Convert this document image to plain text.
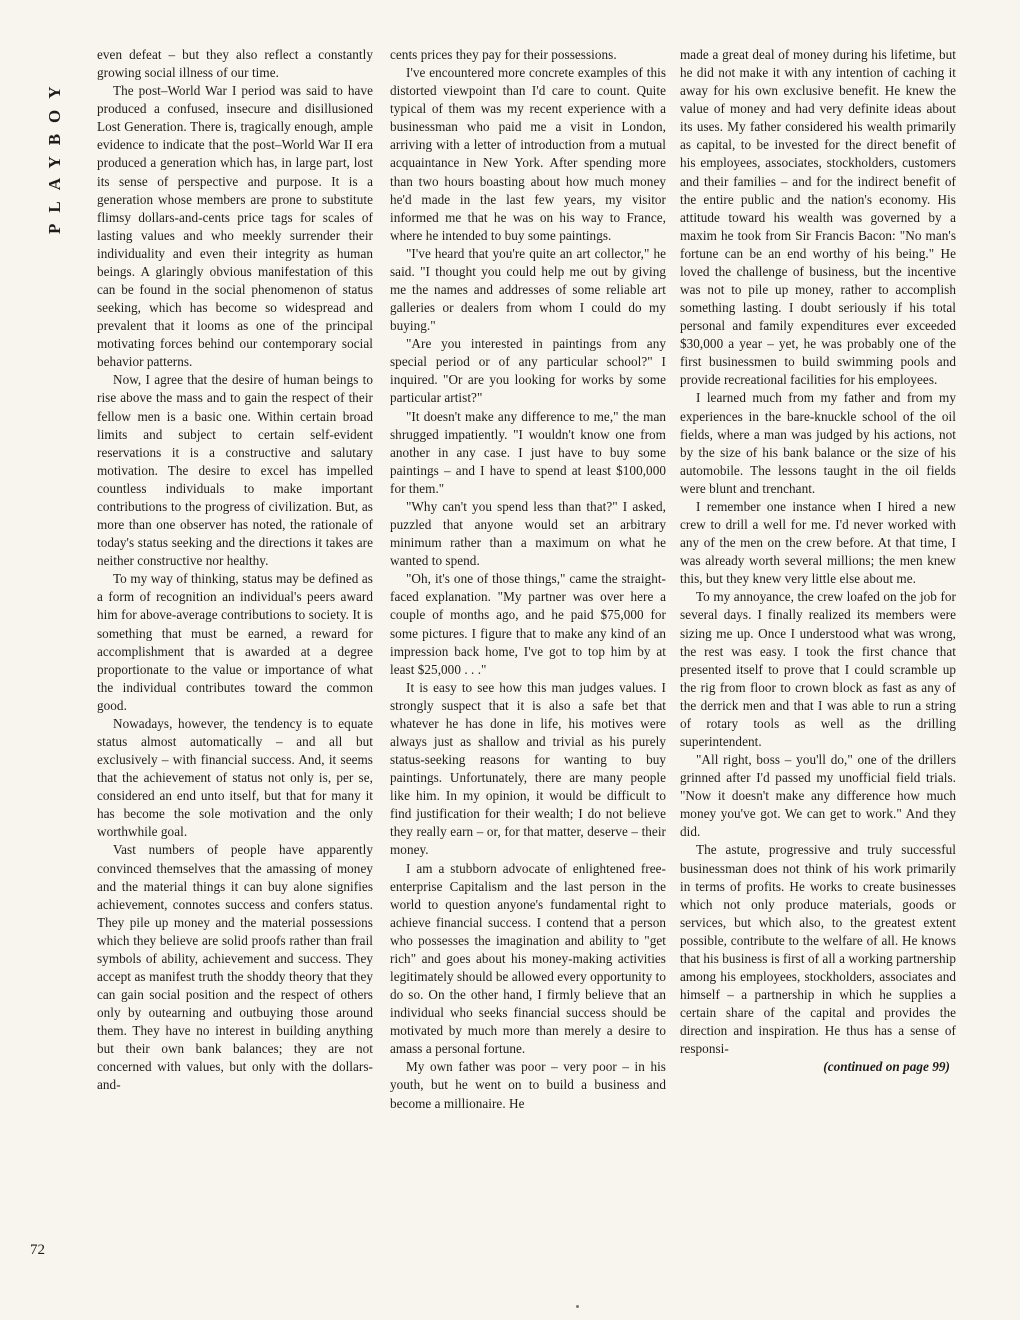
PLAYBOY
72

even defeat – but they also reflect a constantly growing social illness of our time.

The post–World War I period was said to have produced a confused, insecure and disillusioned Lost Generation. There is, tragically enough, ample evidence to indicate that the post–World War II era produced a generation which has, in large part, lost its sense of perspective and purpose. It is a generation whose members are prone to substitute flimsy dollars-and-cents price tags for scales of lasting values and who meekly surrender their individuality and even their integrity as human beings. A glaringly obvious manifestation of this can be found in the social phenomenon of status seeking, which has become so widespread and prevalent that it looms as one of the principal motivating forces behind our contemporary social behavior patterns.

Now, I agree that the desire of human beings to rise above the mass and to gain the respect of their fellow men is a basic one. Within certain broad limits and subject to certain self-evident reservations it is a constructive and salutary motivation. The desire to excel has impelled countless individuals to make important contributions to the progress of civilization. But, as more than one observer has noted, the rationale of today's status seeking and the directions it takes are neither constructive nor healthy.

To my way of thinking, status may be defined as a form of recognition an individual's peers award him for above-average contributions to society. It is something that must be earned, a reward for accomplishment that is awarded at a degree proportionate to the value or importance of what the individual contributes toward the common good.

Nowadays, however, the tendency is to equate status almost automatically – and all but exclusively – with financial success. And, it seems that the achievement of status not only is, per se, considered an end unto itself, but that for many it has become the sole motivation and the only worthwhile goal.

Vast numbers of people have apparently convinced themselves that the amassing of money and the material things it can buy alone signifies achievement, connotes success and confers status. They pile up money and the material possessions which they believe are solid proofs rather than frail symbols of ability, achievement and success. They accept as manifest truth the shoddy theory that they can gain social position and the respect of others only by outearning and outbuying those around them. They have no interest in building anything but their own bank balances; they are not concerned with values, but only with the dollars-and-

cents prices they pay for their possessions.

I've encountered more concrete examples of this distorted viewpoint than I'd care to count. Quite typical of them was my recent experience with a businessman who paid me a visit in London, arriving with a letter of introduction from a mutual acquaintance in New York. After spending more than two hours boasting about how much money he'd made in the last few years, my visitor informed me that he was on his way to France, where he intended to buy some paintings.

"I've heard that you're quite an art collector," he said. "I thought you could help me out by giving me the names and addresses of some reliable art galleries or dealers from whom I could do my buying."

"Are you interested in paintings from any special period or of any particular school?" I inquired. "Or are you looking for works by some particular artist?"

"It doesn't make any difference to me," the man shrugged impatiently. "I wouldn't know one from another in any case. I just have to buy some paintings – and I have to spend at least $100,000 for them."

"Why can't you spend less than that?" I asked, puzzled that anyone would set an arbitrary minimum rather than a maximum on what he wanted to spend.

"Oh, it's one of those things," came the straight-faced explanation. "My partner was over here a couple of months ago, and he paid $75,000 for some pictures. I figure that to make any kind of an impression back home, I've got to top him by at least $25,000 . . ."

It is easy to see how this man judges values. I strongly suspect that it is also a safe bet that whatever he has done in life, his motives were always just as shallow and trivial as his purely status-seeking reasons for wanting to buy paintings. Unfortunately, there are many people like him. In my opinion, it would be difficult to find justification for their wealth; I do not believe they really earn – or, for that matter, deserve – their money.

I am a stubborn advocate of enlightened free-enterprise Capitalism and the last person in the world to question anyone's fundamental right to achieve financial success. I contend that a person who possesses the imagination and ability to "get rich" and goes about his money-making activities legitimately should be allowed every opportunity to do so. On the other hand, I firmly believe that an individual who seeks financial success should be motivated by much more than merely a desire to amass a personal fortune.

My own father was poor – very poor – in his youth, but he went on to build a business and become a millionaire. He

made a great deal of money during his lifetime, but he did not make it with any intention of caching it away for his own exclusive benefit. He knew the value of money and had very definite ideas about its uses. My father considered his wealth primarily as capital, to be invested for the direct benefit of his employees, associates, stockholders, customers and their families – and for the indirect benefit of the entire public and the nation's economy. His attitude toward his wealth was governed by a maxim he took from Sir Francis Bacon: "No man's fortune can be an end worthy of his being." He loved the challenge of business, but the incentive was not to pile up money, rather to accomplish something lasting. I doubt seriously if his total personal and family expenditures ever exceeded $30,000 a year – yet, he was probably one of the first businessmen to build swimming pools and provide recreational facilities for his employees.

I learned much from my father and from my experiences in the bare-knuckle school of the oil fields, where a man was judged by his actions, not by the size of his bank balance or the size of his automobile. The lessons taught in the oil fields were blunt and trenchant.

I remember one instance when I hired a new crew to drill a well for me. I'd never worked with any of the men on the crew before. At that time, I was already worth several millions; the men knew this, but they knew very little else about me.

To my annoyance, the crew loafed on the job for several days. I finally realized its members were sizing me up. Once I understood what was wrong, the rest was easy. I took the first chance that presented itself to prove that I could scramble up the rig from floor to crown block as fast as any of the derrick men and that I was able to run a string of rotary tools as well as the drilling superintendent.

"All right, boss – you'll do," one of the drillers grinned after I'd passed my unofficial field trials. "Now it doesn't make any difference how much money you've got. We can get to work." And they did.

The astute, progressive and truly successful businessman does not think of his work primarily in terms of profits. He works to create businesses which not only produce materials, goods or services, but which also, to the greatest extent possible, contribute to the welfare of all. He knows that his business is first of all a working partnership among his employees, stockholders, associates and himself – a partnership in which he supplies a certain share of the capital and provides the direction and inspiration. He thus has a sense of responsi-

(continued on page 99)
